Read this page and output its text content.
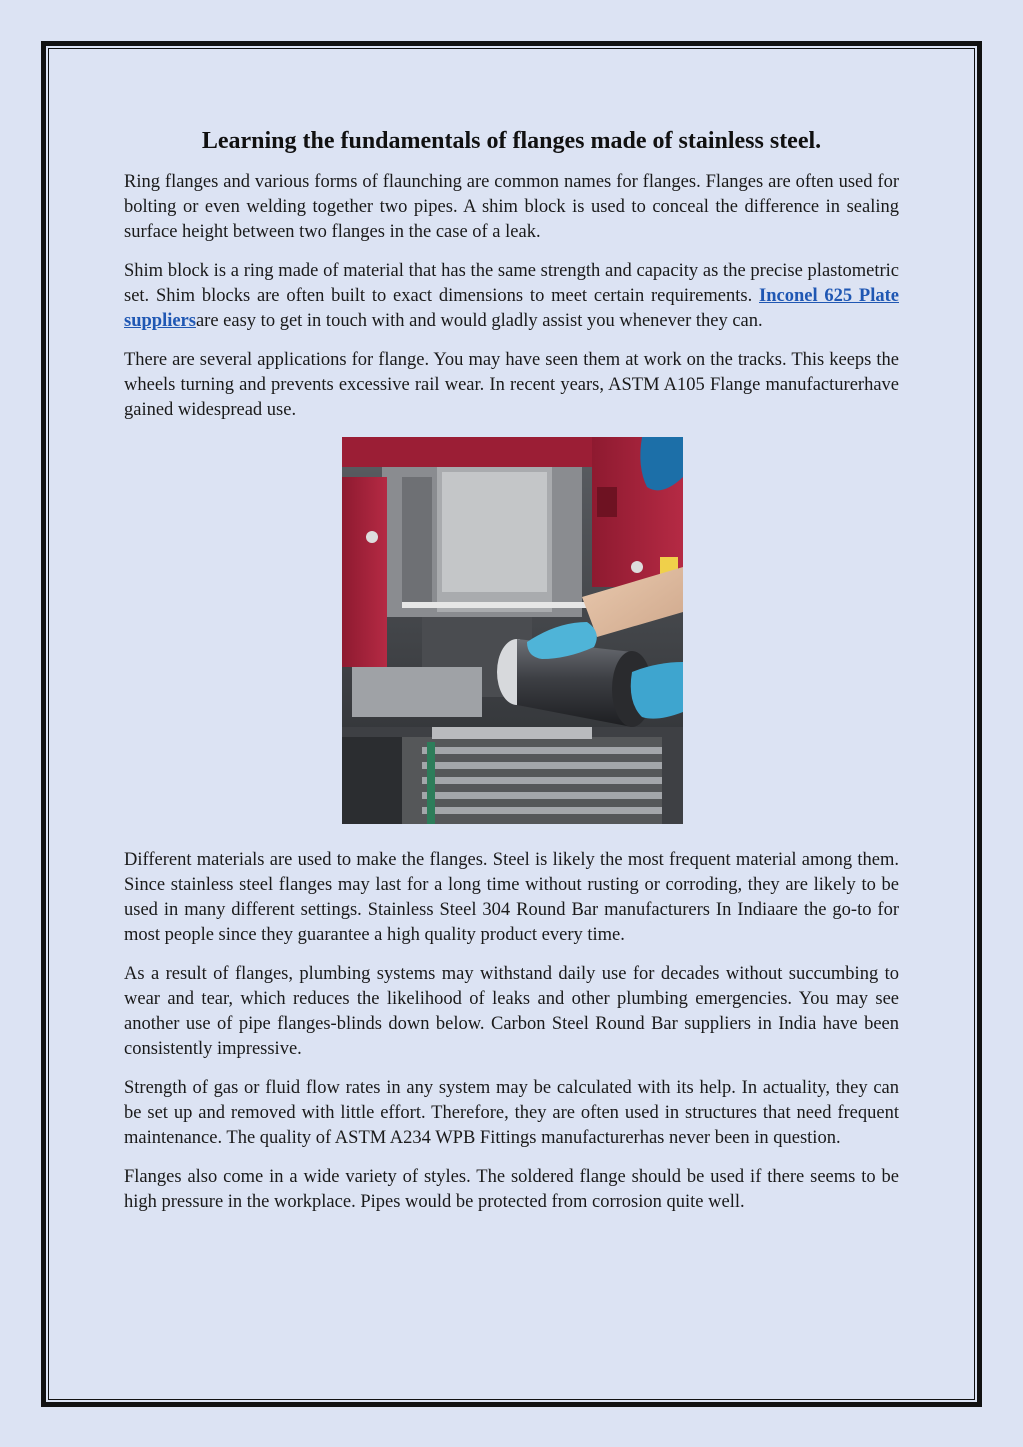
Learning the fundamentals of flanges made of stainless steel.

Ring flanges and various forms of flaunching are common names for flanges. Flanges are often used for bolting or even welding together two pipes. A shim block is used to conceal the difference in sealing surface height between two flanges in the case of a leak.

Shim block is a ring made of material that has the same strength and capacity as the precise plastometric set. Shim blocks are often built to exact dimensions to meet certain requirements. Inconel 625 Plate suppliersare easy to get in touch with and would gladly assist you whenever they can.

There are several applications for flange. You may have seen them at work on the tracks. This keeps the wheels turning and prevents excessive rail wear. In recent years, ASTM A105 Flange manufacturerhave gained widespread use.

Different materials are used to make the flanges. Steel is likely the most frequent material among them. Since stainless steel flanges may last for a long time without rusting or corroding, they are likely to be used in many different settings. Stainless Steel 304 Round Bar manufacturers In Indiaare the go-to for most people since they guarantee a high quality product every time.

As a result of flanges, plumbing systems may withstand daily use for decades without succumbing to wear and tear, which reduces the likelihood of leaks and other plumbing emergencies. You may see another use of pipe flanges-blinds down below. Carbon Steel Round Bar suppliers in India have been consistently impressive.

Strength of gas or fluid flow rates in any system may be calculated with its help. In actuality, they can be set up and removed with little effort. Therefore, they are often used in structures that need frequent maintenance. The quality of ASTM A234 WPB Fittings manufacturerhas never been in question.

Flanges also come in a wide variety of styles. The soldered flange should be used if there seems to be high pressure in the workplace. Pipes would be protected from corrosion quite well.
